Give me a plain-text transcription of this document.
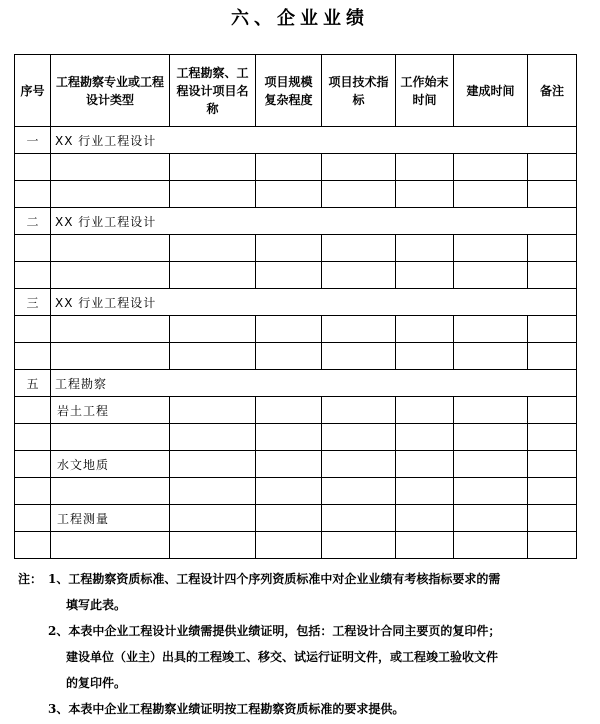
六、企业业绩
序号	工程勘察专业或工程设计类型	工程勘察、工程设计项目名称	项目规模复杂程度	项目技术指标	工作始末时间	建成时间	备注
一	XX 行业工程设计						

二	XX 行业工程设计						

三	XX 行业工程设计						

五	工程勘察						
	岩土工程						

	水文地质						

	工程测量						

注： 1、工程勘察资质标准、工程设计四个序列资质标准中对企业业绩有考核指标要求的需
填写此表。
2、本表中企业工程设计业绩需提供业绩证明，包括：工程设计合同主要页的复印件；
建设单位（业主）出具的工程竣工、移交、试运行证明文件，或工程竣工验收文件
的复印件。
3、本表中企业工程勘察业绩证明按工程勘察资质标准的要求提供。
